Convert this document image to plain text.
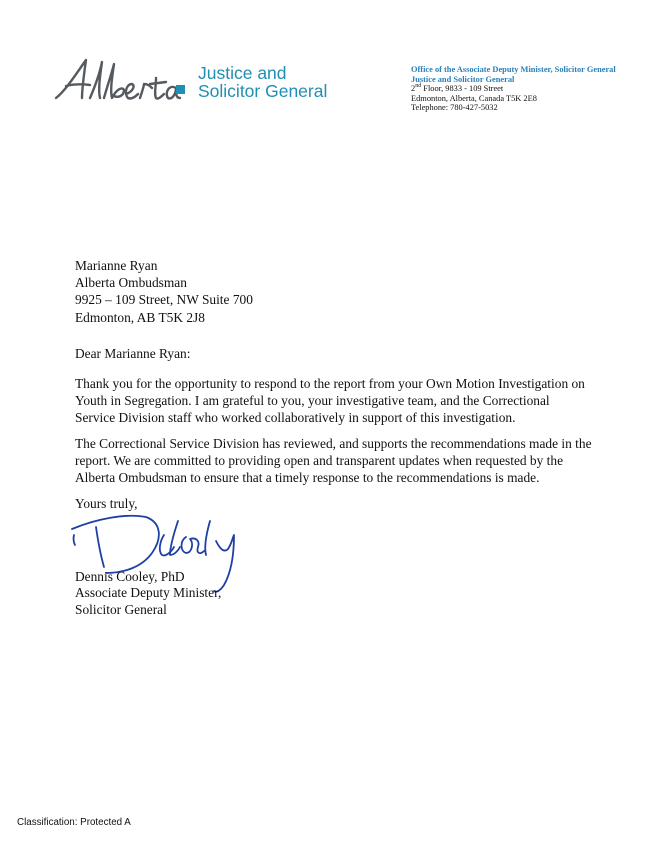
Justice and
Solicitor General
Office of the Associate Deputy Minister, Solicitor General
Justice and Solicitor General
2nd Floor, 9833 - 109 Street
Edmonton, Alberta, Canada T5K 2E8
Telephone: 780-427-5032
Marianne Ryan
Alberta Ombudsman
9925 – 109 Street, NW Suite 700
Edmonton, AB T5K 2J8
Dear Marianne Ryan:
Thank you for the opportunity to respond to the report from your Own Motion Investigation on
Youth in Segregation. I am grateful to you, your investigative team, and the Correctional
Service Division staff who worked collaboratively in support of this investigation.
The Correctional Service Division has reviewed, and supports the recommendations made in the
report. We are committed to providing open and transparent updates when requested by the
Alberta Ombudsman to ensure that a timely response to the recommendations is made.
Yours truly,
Dennis Cooley, PhD
Associate Deputy Minister,
Solicitor General
Classification: Protected A
